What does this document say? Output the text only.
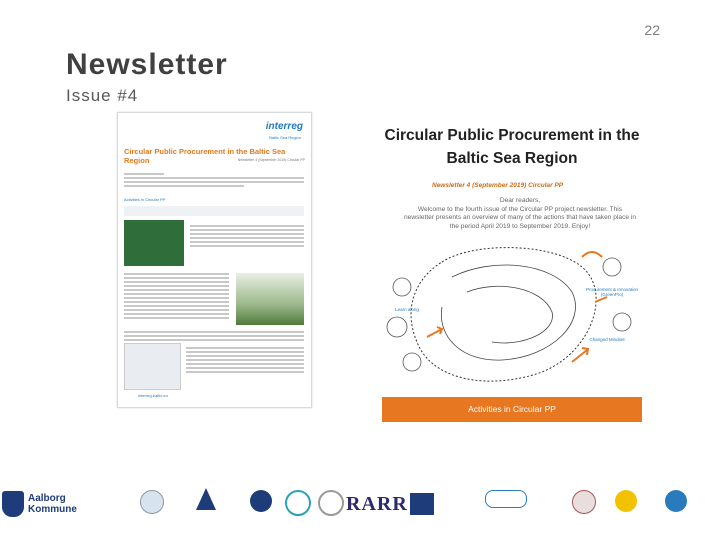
22
Newsletter
Issue #4
interreg
Baltic Sea Region
Circular Public Procurement in the Baltic Sea Region	Newsletter 4 (September 2019) Circular PP
Activities in Circular PP
interreg-baltic.eu
Circular Public Procurement in the
Baltic Sea Region
Newsletter 4 (September 2019) Circular PP
Dear readers,
Welcome to the fourth issue of the Circular PP project newsletter. This
newsletter presents an overview of many of the actions that have taken place in
the period April 2019 to September 2019. Enjoy!
Procurement & Innovation (GreenPro)
Learn along
Changed Mindset
Activities in Circular PP
Aalborg
Kommune	RARR
